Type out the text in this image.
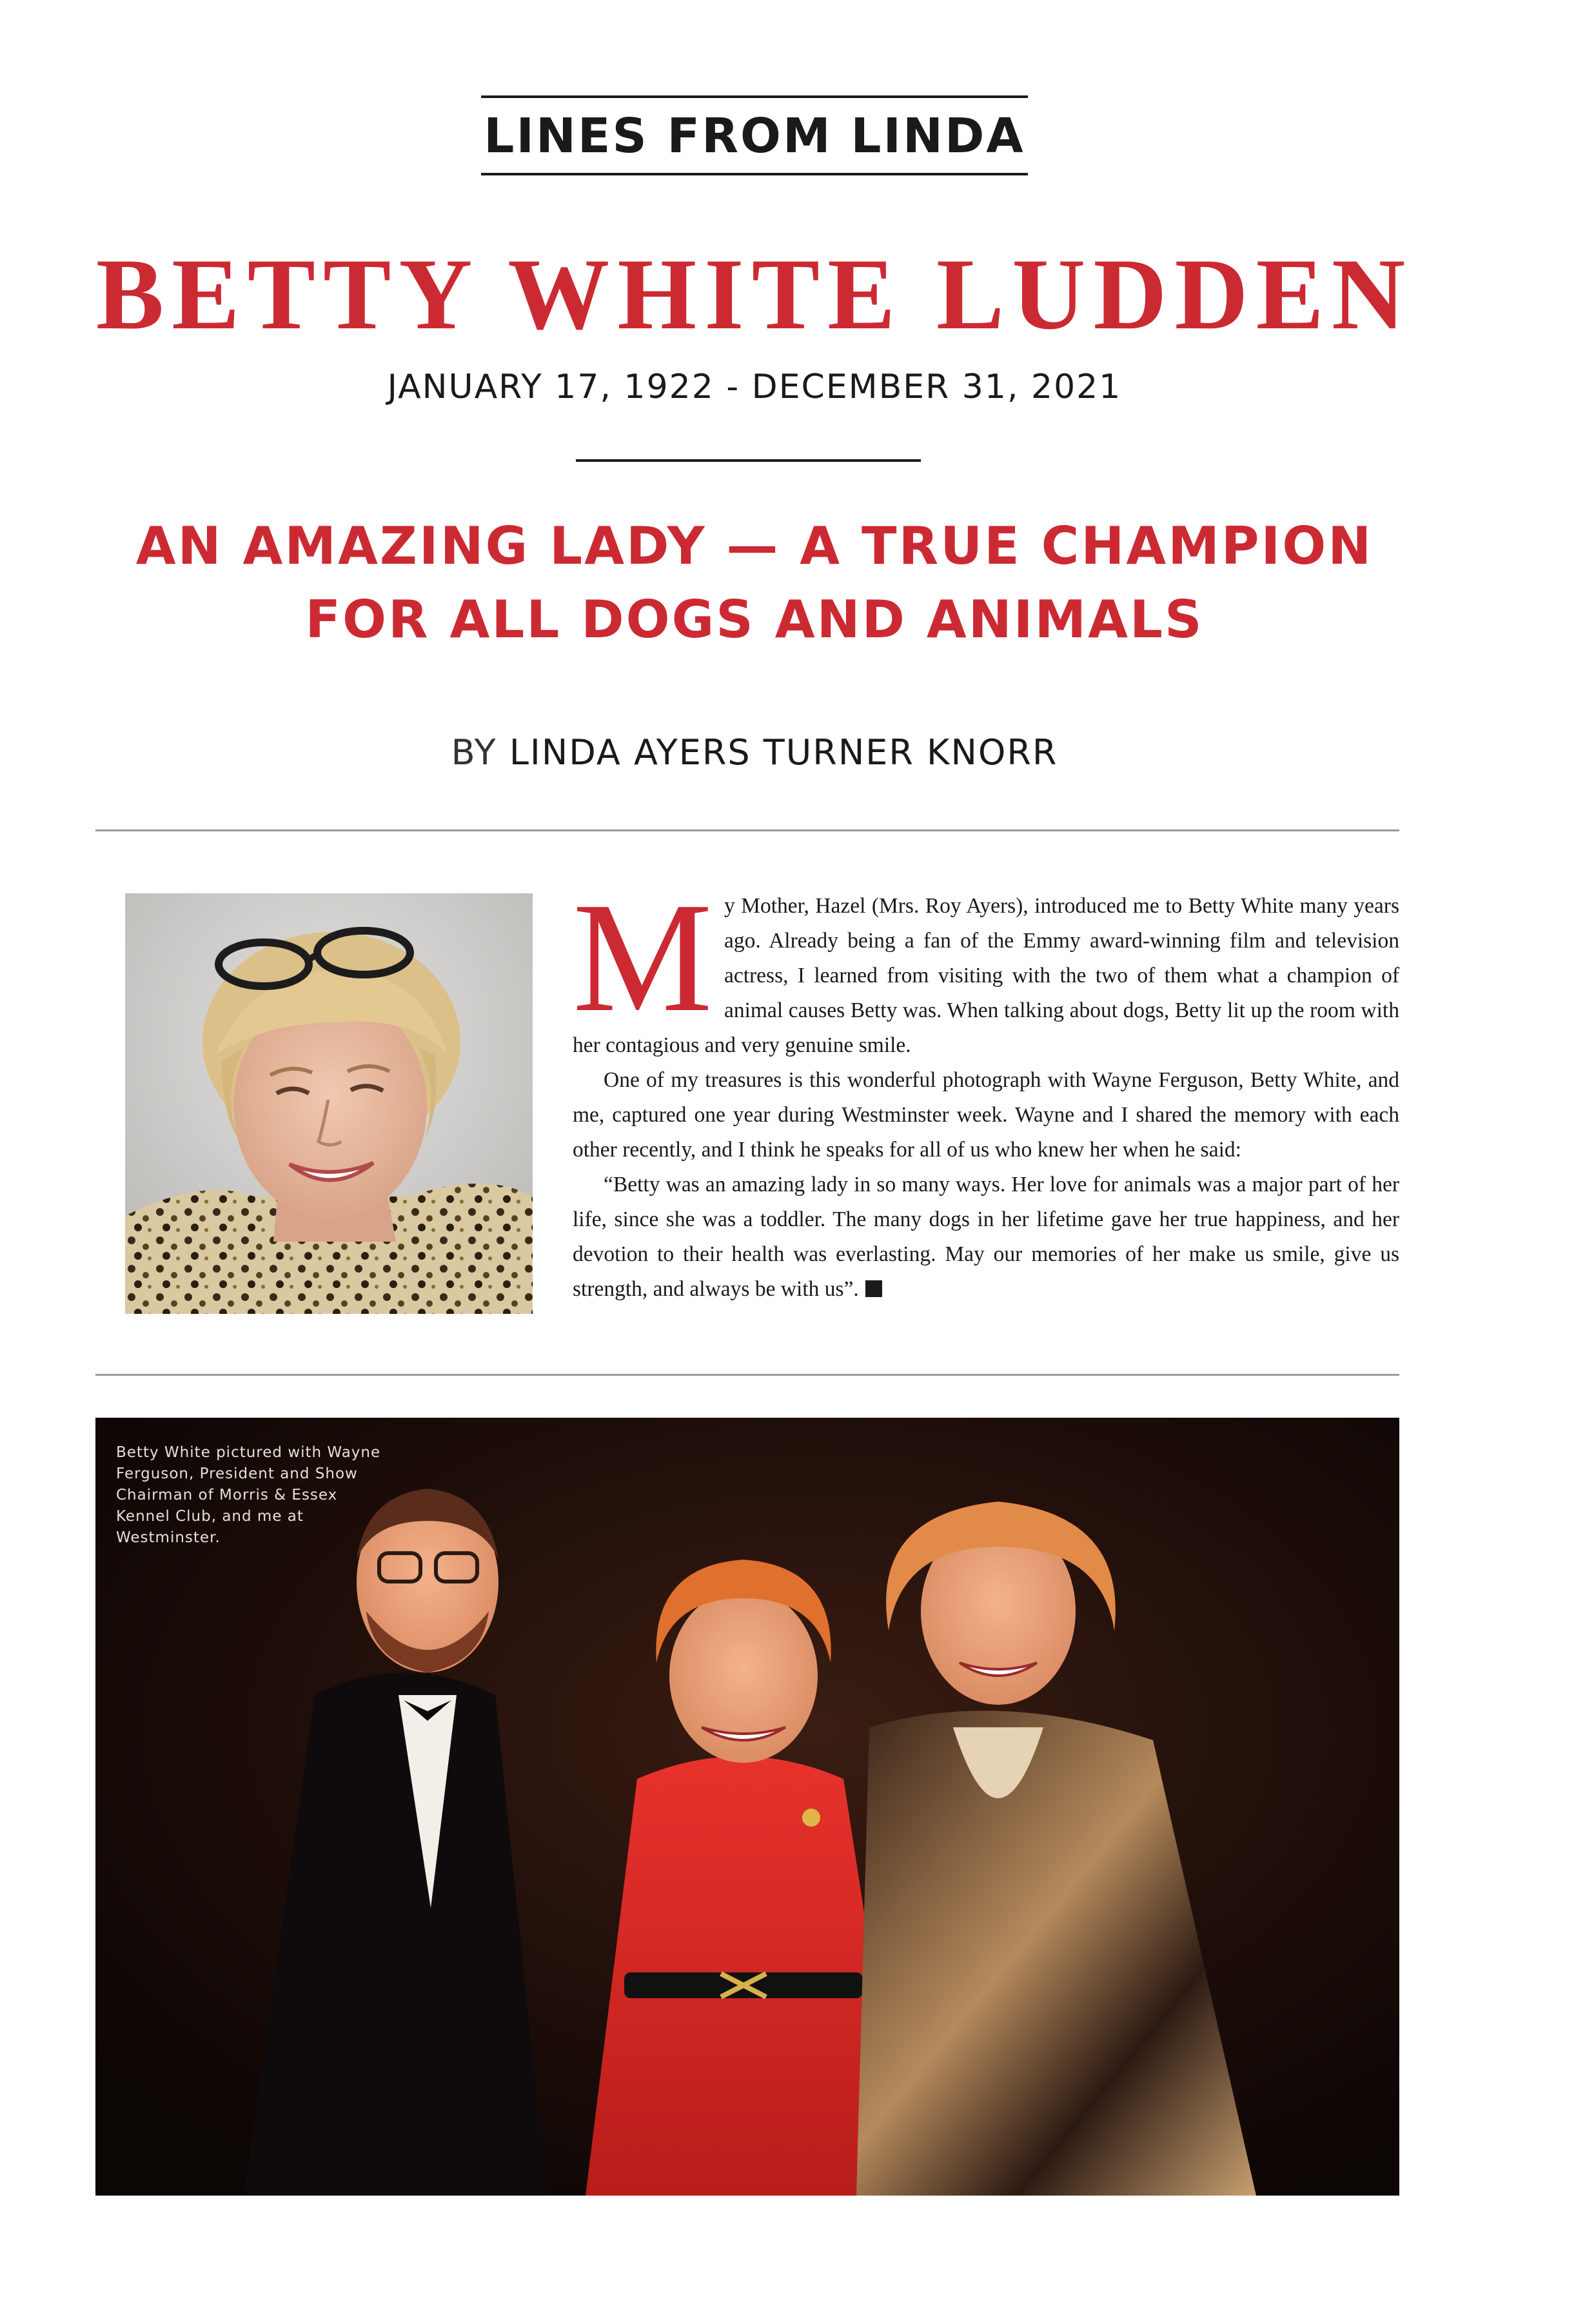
LINES FROM LINDA
BETTY WHITE LUDDEN
JANUARY 17, 1922 - DECEMBER 31, 2021
AN AMAZING LADY — A TRUE CHAMPION
FOR ALL DOGS AND ANIMALS
BY LINDA AYERS TURNER KNORR

My Mother, Hazel (Mrs. Roy Ayers), introduced me to Betty White many years ago. Already being a fan of the Emmy award-winning film and television actress, I learned from visiting with the two of them what a champion of animal causes Betty was. When talking about dogs, Betty lit up the room with her contagious and very genuine smile.

One of my treasures is this wonderful photograph with Wayne Ferguson, Betty White, and me, captured one year during Westminster week. Wayne and I shared the memory with each other recently, and I think he speaks for all of us who knew her when he said:

“Betty was an amazing lady in so many ways. Her love for animals was a major part of her life, since she was a toddler. The many dogs in her lifetime gave her true happiness, and her devotion to their health was everlasting. May our memories of her make us smile, give us strength, and always be with us”.

Betty White pictured with Wayne Ferguson, President and Show Chairman of Morris & Essex Kennel Club, and me at Westminster.
